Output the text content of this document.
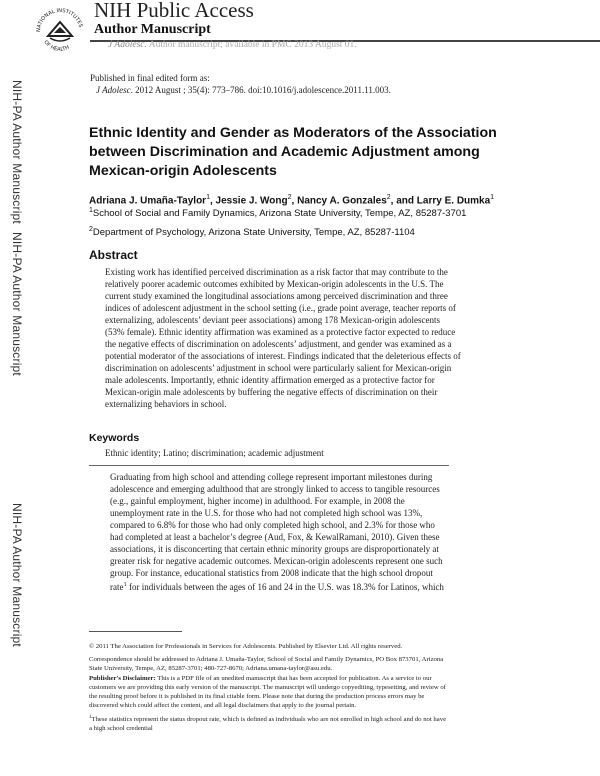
NATIONAL INSTITUTES
OF HEALTH
NIH Public Access
Author Manuscript
J Adolesc. Author manuscript; available in PMC 2013 August 01.
Published in final edited form as:
J Adolesc. 2012 August ; 35(4): 773–786. doi:10.1016/j.adolescence.2011.11.003.
NIH-PA Author Manuscript
NIH-PA Author Manuscript
NIH-PA Author Manuscript
Ethnic Identity and Gender as Moderators of the Association
between Discrimination and Academic Adjustment among
Mexican-origin Adolescents
Adriana J. Umaña-Taylor$^1$, Jessie J. Wong$^2$, Nancy A. Gonzales$^2$, and Larry E. Dumka$^1$
$^1$School of Social and Family Dynamics, Arizona State University, Tempe, AZ, 85287-3701
$^2$Department of Psychology, Arizona State University, Tempe, AZ, 85287-1104
Abstract
Existing work has identified perceived discrimination as a risk factor that may contribute to the
relatively poorer academic outcomes exhibited by Mexican-origin adolescents in the U.S. The
current study examined the longitudinal associations among perceived discrimination and three
indices of adolescent adjustment in the school setting (i.e., grade point average, teacher reports of
externalizing, adolescents’ deviant peer associations) among 178 Mexican-origin adolescents
(53% female). Ethnic identity affirmation was examined as a protective factor expected to reduce
the negative effects of discrimination on adolescents’ adjustment, and gender was examined as a
potential moderator of the associations of interest. Findings indicated that the deleterious effects of
discrimination on adolescents’ adjustment in school were particularly salient for Mexican-origin
male adolescents. Importantly, ethnic identity affirmation emerged as a protective factor for
Mexican-origin male adolescents by buffering the negative effects of discrimination on their
externalizing behaviors in school.
Keywords
Ethnic identity; Latino; discrimination; academic adjustment
Graduating from high school and attending college represent important milestones during
adolescence and emerging adulthood that are strongly linked to access to tangible resources
(e.g., gainful employment, higher income) in adulthood. For example, in 2008 the
unemployment rate in the U.S. for those who had not completed high school was 13%,
compared to 6.8% for those who had only completed high school, and 2.3% for those who
had completed at least a bachelor’s degree (Aud, Fox, & KewalRamani, 2010). Given these
associations, it is disconcerting that certain ethnic minority groups are disproportionately at
greater risk for negative academic outcomes. Mexican-origin adolescents represent one such
group. For instance, educational statistics from 2008 indicate that the high school dropout
rate$^1$ for individuals between the ages of 16 and 24 in the U.S. was 18.3% for Latinos, which
© 2011 The Association for Professionals in Services for Adolescents. Published by Elsevier Ltd. All rights reserved.
Correspondence should be addressed to Adriana J. Umaña-Taylor, School of Social and Family Dynamics, PO Box 873701, Arizona
State University, Tempe, AZ, 85287-3701; 480-727-8670; Adriana.umana-taylor@asu.edu.
Publisher's Disclaimer: This is a PDF file of an unedited manuscript that has been accepted for publication. As a service to our
customers we are providing this early version of the manuscript. The manuscript will undergo copyediting, typesetting, and review of
the resulting proof before it is published in its final citable form. Please note that during the production process errors may be
discovered which could affect the content, and all legal disclaimers that apply to the journal pertain.
$^1$These statistics represent the status dropout rate, which is defined as individuals who are not enrolled in high school and do not have
a high school credential
